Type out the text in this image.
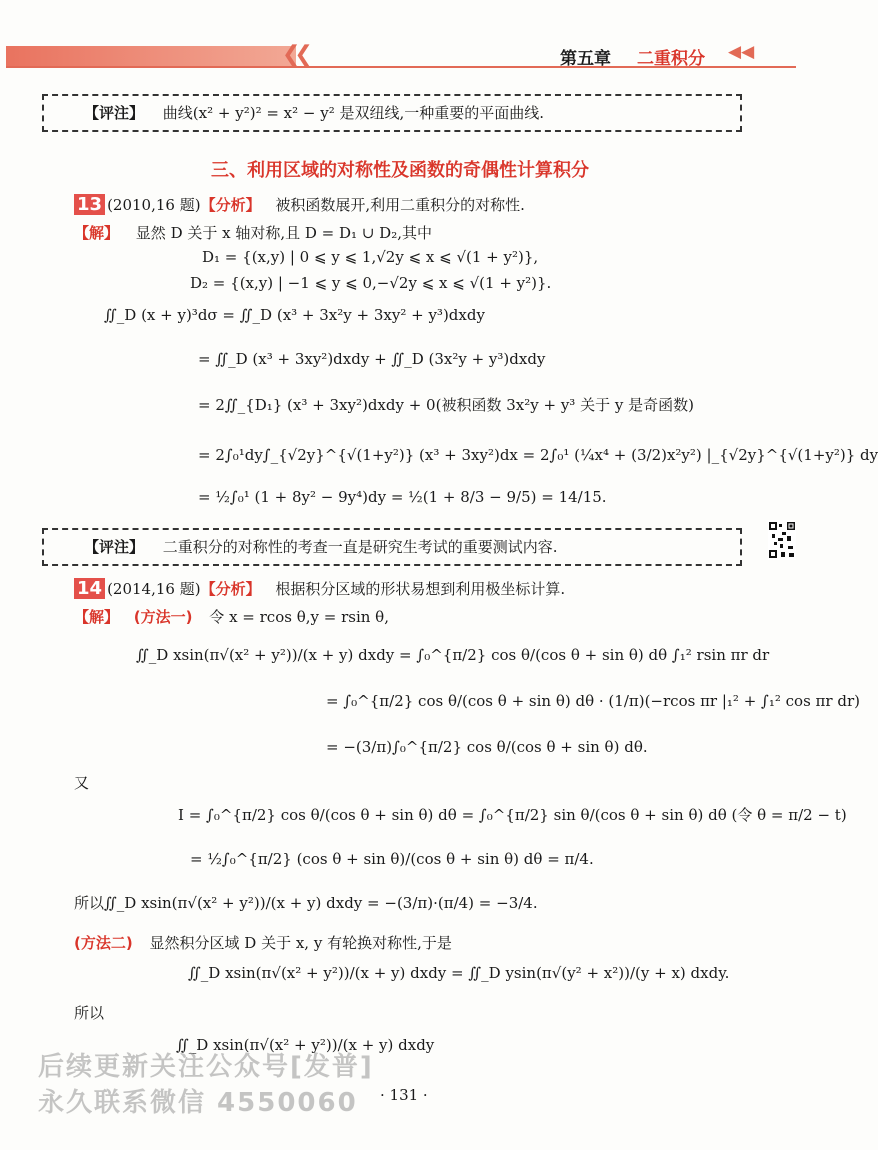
❮❮	第五章 二重积分 ◀◀
【评注】 曲线(x² + y²)² = x² − y² 是双纽线,一种重要的平面曲线.
三、利用区域的对称性及函数的奇偶性计算积分
13 (2010,16 题)【分析】 被积函数展开,利用二重积分的对称性.
【解】 显然 D 关于 x 轴对称,且 D = D₁ ∪ D₂,其中
D₁ = {(x,y) | 0 ⩽ y ⩽ 1,√2y ⩽ x ⩽ √(1 + y²)},
D₂ = {(x,y) | −1 ⩽ y ⩽ 0,−√2y ⩽ x ⩽ √(1 + y²)}.
∬_D (x + y)³dσ = ∬_D (x³ + 3x²y + 3xy² + y³)dxdy
= ∬_D (x³ + 3xy²)dxdy + ∬_D (3x²y + y³)dxdy
= 2∬_{D₁} (x³ + 3xy²)dxdy + 0(被积函数 3x²y + y³ 关于 y 是奇函数)
= 2∫₀¹dy∫_{√2y}^{√(1+y²)} (x³ + 3xy²)dx = 2∫₀¹ (¼x⁴ + (3/2)x²y²) |_{√2y}^{√(1+y²)} dy
= ½∫₀¹ (1 + 8y² − 9y⁴)dy = ½(1 + 8/3 − 9/5) = 14/15.
【评注】 二重积分的对称性的考查一直是研究生考试的重要测试内容.
14 (2014,16 题)【分析】 根据积分区域的形状易想到利用极坐标计算.
【解】 (方法一) 令 x = rcos θ,y = rsin θ,
∬_D xsin(π√(x² + y²))/(x + y) dxdy = ∫₀^{π/2} cos θ/(cos θ + sin θ) dθ ∫₁² rsin πr dr
= ∫₀^{π/2} cos θ/(cos θ + sin θ) dθ · (1/π)(−rcos πr |₁² + ∫₁² cos πr dr)
= −(3/π)∫₀^{π/2} cos θ/(cos θ + sin θ) dθ.
又
I = ∫₀^{π/2} cos θ/(cos θ + sin θ) dθ = ∫₀^{π/2} sin θ/(cos θ + sin θ) dθ (令 θ = π/2 − t)
= ½∫₀^{π/2} (cos θ + sin θ)/(cos θ + sin θ) dθ = π/4.
所以∬_D xsin(π√(x² + y²))/(x + y) dxdy = −(3/π)·(π/4) = −3/4.
(方法二) 显然积分区域 D 关于 x, y 有轮换对称性,于是
∬_D xsin(π√(x² + y²))/(x + y) dxdy = ∬_D ysin(π√(y² + x²))/(y + x) dxdy.
所以
∬_D xsin(π√(x² + y²))/(x + y) dxdy
后续更新关注公众号[发普]
永久联系微信 4550060 · 131 ·
